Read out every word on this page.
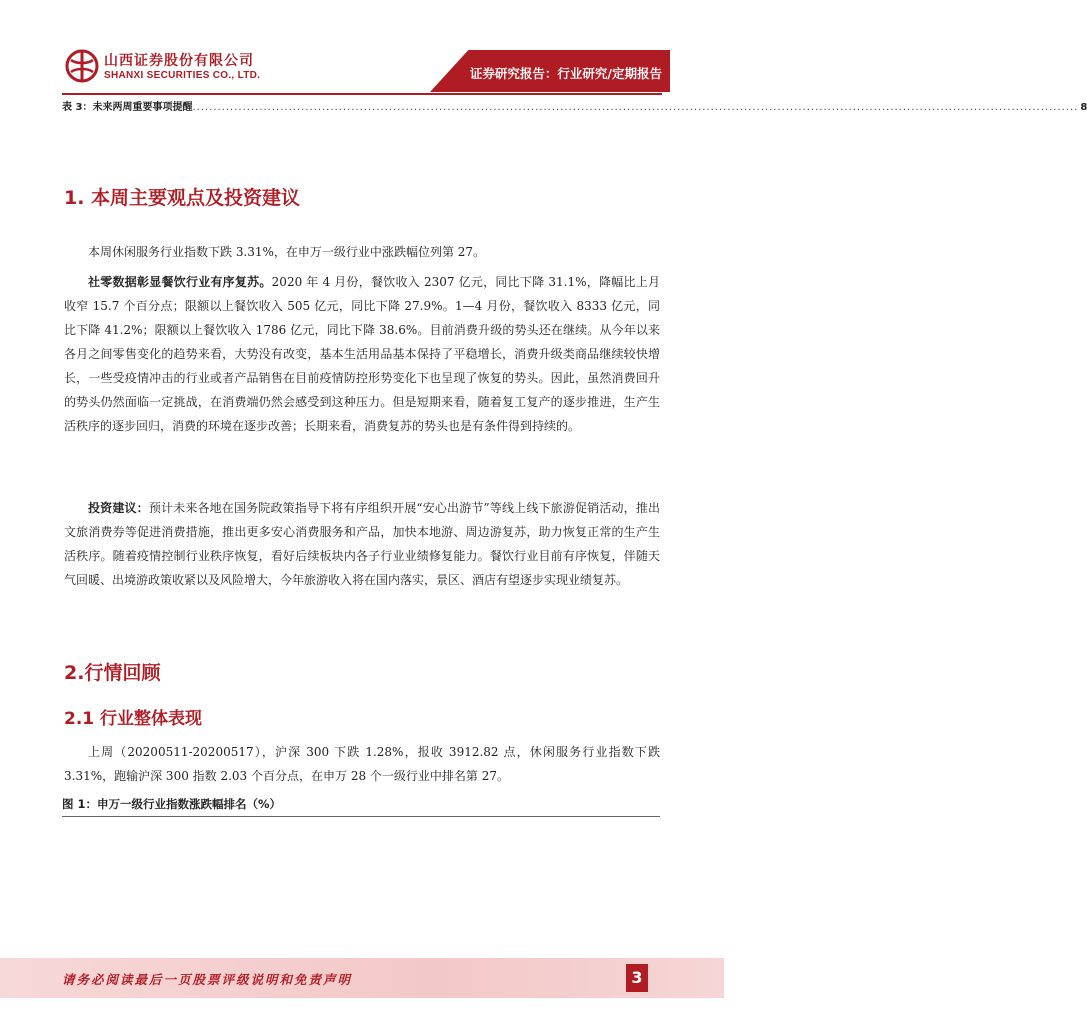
山西证券股份有限公司
SHANXI SECURITIES CO., LTD.	证券研究报告：行业研究/定期报告
表 3：未来两周重要事项提醒 .................................................................................................................................................................................................................... 8
1. 本周主要观点及投资建议

本周休闲服务行业指数下跌 3.31%，在申万一级行业中涨跌幅位列第 27。

社零数据彰显餐饮行业有序复苏。2020 年 4 月份，餐饮收入 2307 亿元，同比下降 31.1%，降幅比上月收窄 15.7 个百分点；限额以上餐饮收入 505 亿元，同比下降 27.9%。1—4 月份，餐饮收入 8333 亿元，同比下降 41.2%；限额以上餐饮收入 1786 亿元，同比下降 38.6%。目前消费升级的势头还在继续。从今年以来各月之间零售变化的趋势来看，大势没有改变，基本生活用品基本保持了平稳增长，消费升级类商品继续较快增长，一些受疫情冲击的行业或者产品销售在目前疫情防控形势变化下也呈现了恢复的势头。因此，虽然消费回升的势头仍然面临一定挑战，在消费端仍然会感受到这种压力。但是短期来看，随着复工复产的逐步推进，生产生活秩序的逐步回归，消费的环境在逐步改善；长期来看，消费复苏的势头也是有条件得到持续的。

投资建议：预计未来各地在国务院政策指导下将有序组织开展“安心出游节”等线上线下旅游促销活动，推出文旅消费券等促进消费措施，推出更多安心消费服务和产品，加快本地游、周边游复苏，助力恢复正常的生产生活秩序。随着疫情控制行业秩序恢复，看好后续板块内各子行业业绩修复能力。餐饮行业目前有序恢复，伴随天气回暖、出境游政策收紧以及风险增大，今年旅游收入将在国内落实，景区、酒店有望逐步实现业绩复苏。

2.行情回顾
2.1 行业整体表现

上周（20200511-20200517），沪深 300 下跌 1.28%，报收 3912.82 点，休闲服务行业指数下跌 3.31%，跑输沪深 300 指数 2.03 个百分点，在申万 28 个一级行业中排名第 27。

图 1：申万一级行业指数涨跌幅排名（%）
请务必阅读最后一页股票评级说明和免责声明	3
